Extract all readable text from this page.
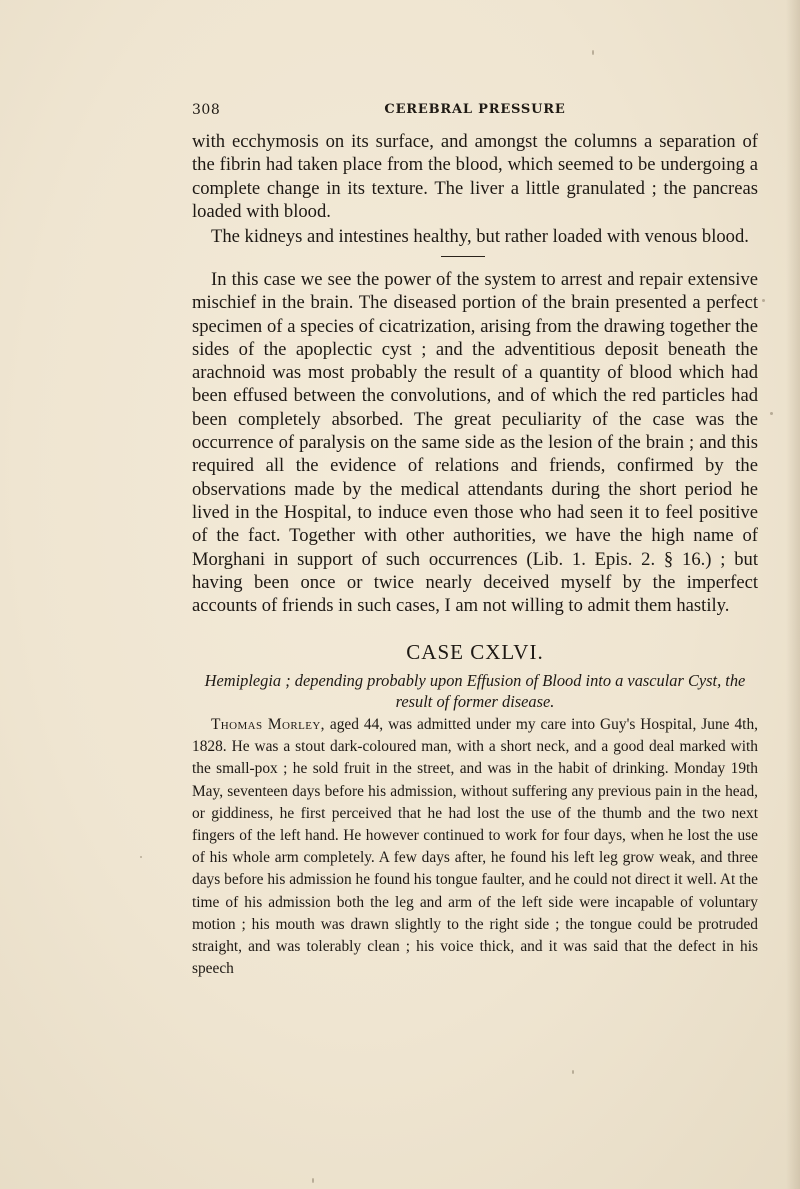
308	CEREBRAL PRESSURE

with ecchymosis on its surface, and amongst the columns a separation of the fibrin had taken place from the blood, which seemed to be undergoing a complete change in its texture. The liver a little granulated ; the pancreas loaded with blood.

The kidneys and intestines healthy, but rather loaded with venous blood.

In this case we see the power of the system to arrest and repair extensive mischief in the brain. The diseased portion of the brain presented a perfect specimen of a species of cicatrization, arising from the drawing together the sides of the apoplectic cyst ; and the adventitious deposit beneath the arachnoid was most probably the result of a quantity of blood which had been effused between the convolutions, and of which the red particles had been completely absorbed. The great peculiarity of the case was the occurrence of paralysis on the same side as the lesion of the brain ; and this required all the evidence of relations and friends, confirmed by the observations made by the medical attendants during the short period he lived in the Hospital, to induce even those who had seen it to feel positive of the fact. Together with other authorities, we have the high name of Morghani in support of such occurrences (Lib. 1. Epis. 2. § 16.) ; but having been once or twice nearly deceived myself by the imperfect accounts of friends in such cases, I am not willing to admit them hastily.

CASE CXLVI.
Hemiplegia ; depending probably upon Effusion of Blood into a vascular Cyst, the result of former disease.

Thomas Morley, aged 44, was admitted under my care into Guy's Hospital, June 4th, 1828. He was a stout dark-coloured man, with a short neck, and a good deal marked with the small-pox ; he sold fruit in the street, and was in the habit of drinking. Monday 19th May, seventeen days before his admission, without suffering any previous pain in the head, or giddiness, he first perceived that he had lost the use of the thumb and the two next fingers of the left hand. He however continued to work for four days, when he lost the use of his whole arm completely. A few days after, he found his left leg grow weak, and three days before his admission he found his tongue faulter, and he could not direct it well. At the time of his admission both the leg and arm of the left side were incapable of voluntary motion ; his mouth was drawn slightly to the right side ; the tongue could be protruded straight, and was tolerably clean ; his voice thick, and it was said that the defect in his speech
